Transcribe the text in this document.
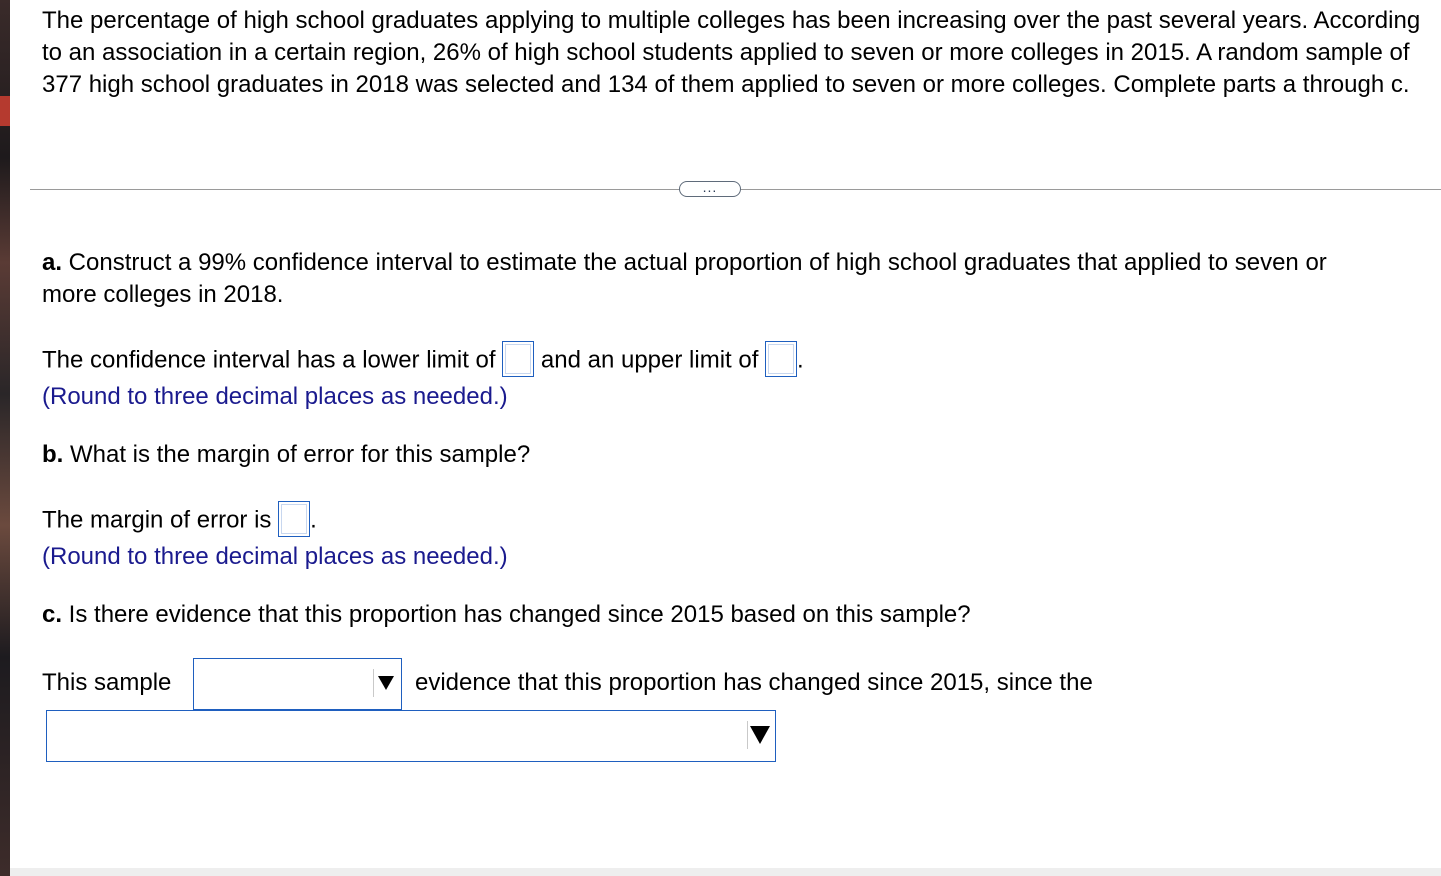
The percentage of high school graduates applying to multiple colleges has been increasing over the past several years. According to an association in a certain region, 26% of high school students applied to seven or more colleges in 2015. A random sample of 377 high school graduates in 2018 was selected and 134 of them applied to seven or more colleges. Complete parts a through c.
...
a. Construct a 99% confidence interval to estimate the actual proportion of high school graduates that applied to seven or
more colleges in 2018.
The confidence interval has a lower limit of and an upper limit of .
(Round to three decimal places as needed.)
b. What is the margin of error for this sample?
The margin of error is .
(Round to three decimal places as needed.)
c. Is there evidence that this proportion has changed since 2015 based on this sample?
This sample	evidence that this proportion has changed since 2015, since the
